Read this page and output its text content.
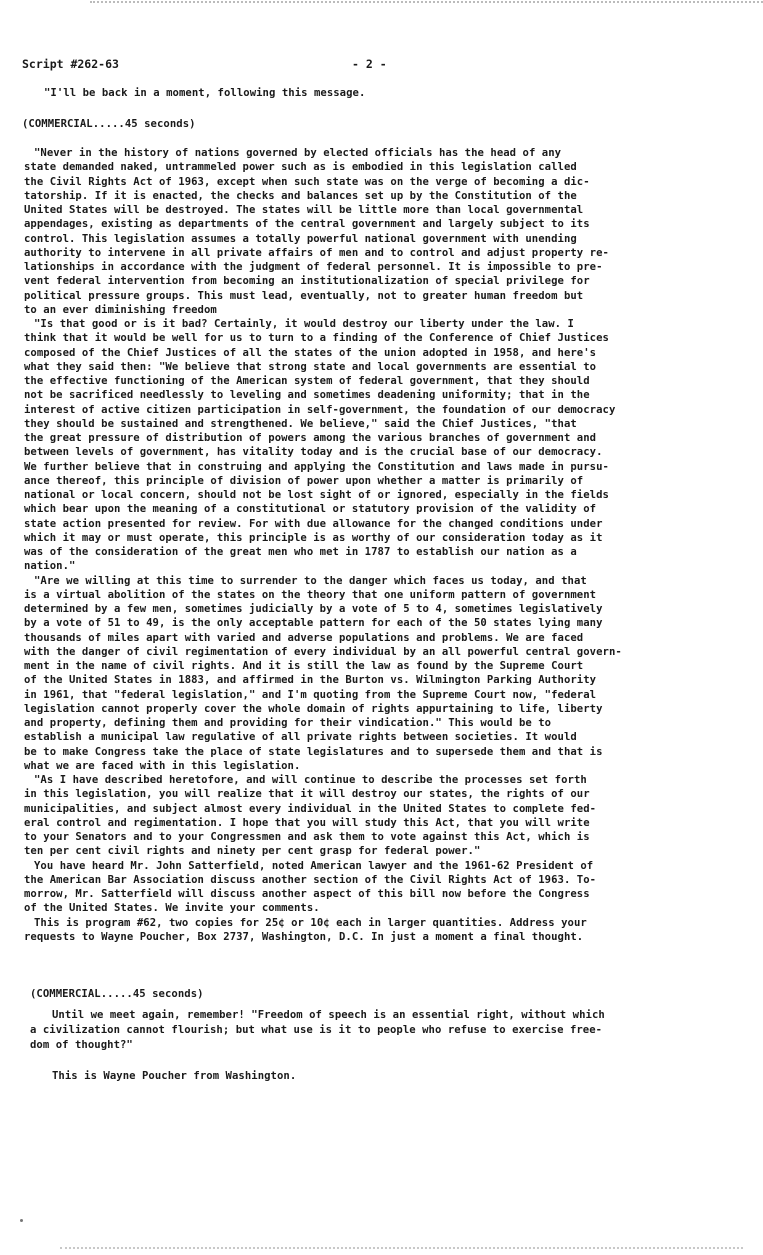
Script #262-63	- 2 -
"I'll be back in a moment, following this message.
(COMMERCIAL.....45 seconds)
"Never in the history of nations governed by elected officials has the head of any
state demanded naked, untrammeled power such as is embodied in this legislation called
the Civil Rights Act of 1963, except when such state was on the verge of becoming a dic-
tatorship. If it is enacted, the checks and balances set up by the Constitution of the
United States will be destroyed. The states will be little more than local governmental
appendages, existing as departments of the central government and largely subject to its
control. This legislation assumes a totally powerful national government with unending
authority to intervene in all private affairs of men and to control and adjust property re-
lationships in accordance with the judgment of federal personnel. It is impossible to pre-
vent federal intervention from becoming an institutionalization of special privilege for
political pressure groups. This must lead, eventually, not to greater human freedom but
to an ever diminishing freedom
"Is that good or is it bad? Certainly, it would destroy our liberty under the law. I
think that it would be well for us to turn to a finding of the Conference of Chief Justices
composed of the Chief Justices of all the states of the union adopted in 1958, and here's
what they said then: "We believe that strong state and local governments are essential to
the effective functioning of the American system of federal government, that they should
not be sacrificed needlessly to leveling and sometimes deadening uniformity; that in the
interest of active citizen participation in self-government, the foundation of our democracy
they should be sustained and strengthened. We believe," said the Chief Justices, "that
the great pressure of distribution of powers among the various branches of government and
between levels of government, has vitality today and is the crucial base of our democracy.
We further believe that in construing and applying the Constitution and laws made in pursu-
ance thereof, this principle of division of power upon whether a matter is primarily of
national or local concern, should not be lost sight of or ignored, especially in the fields
which bear upon the meaning of a constitutional or statutory provision of the validity of
state action presented for review. For with due allowance for the changed conditions under
which it may or must operate, this principle is as worthy of our consideration today as it
was of the consideration of the great men who met in 1787 to establish our nation as a
nation."
"Are we willing at this time to surrender to the danger which faces us today, and that
is a virtual abolition of the states on the theory that one uniform pattern of government
determined by a few men, sometimes judicially by a vote of 5 to 4, sometimes legislatively
by a vote of 51 to 49, is the only acceptable pattern for each of the 50 states lying many
thousands of miles apart with varied and adverse populations and problems. We are faced
with the danger of civil regimentation of every individual by an all powerful central govern-
ment in the name of civil rights. And it is still the law as found by the Supreme Court
of the United States in 1883, and affirmed in the Burton vs. Wilmington Parking Authority
in 1961, that "federal legislation," and I'm quoting from the Supreme Court now, "federal
legislation cannot properly cover the whole domain of rights appurtaining to life, liberty
and property, defining them and providing for their vindication." This would be to
establish a municipal law regulative of all private rights between societies. It would
be to make Congress take the place of state legislatures and to supersede them and that is
what we are faced with in this legislation.
"As I have described heretofore, and will continue to describe the processes set forth
in this legislation, you will realize that it will destroy our states, the rights of our
municipalities, and subject almost every individual in the United States to complete fed-
eral control and regimentation. I hope that you will study this Act, that you will write
to your Senators and to your Congressmen and ask them to vote against this Act, which is
ten per cent civil rights and ninety per cent grasp for federal power."
You have heard Mr. John Satterfield, noted American lawyer and the 1961-62 President of
the American Bar Association discuss another section of the Civil Rights Act of 1963. To-
morrow, Mr. Satterfield will discuss another aspect of this bill now before the Congress
of the United States. We invite your comments.
This is program #62, two copies for 25¢ or 10¢ each in larger quantities. Address your
requests to Wayne Poucher, Box 2737, Washington, D.C. In just a moment a final thought.
(COMMERCIAL.....45 seconds)
Until we meet again, remember! "Freedom of speech is an essential right, without which
a civilization cannot flourish; but what use is it to people who refuse to exercise free-
dom of thought?"
This is Wayne Poucher from Washington.
